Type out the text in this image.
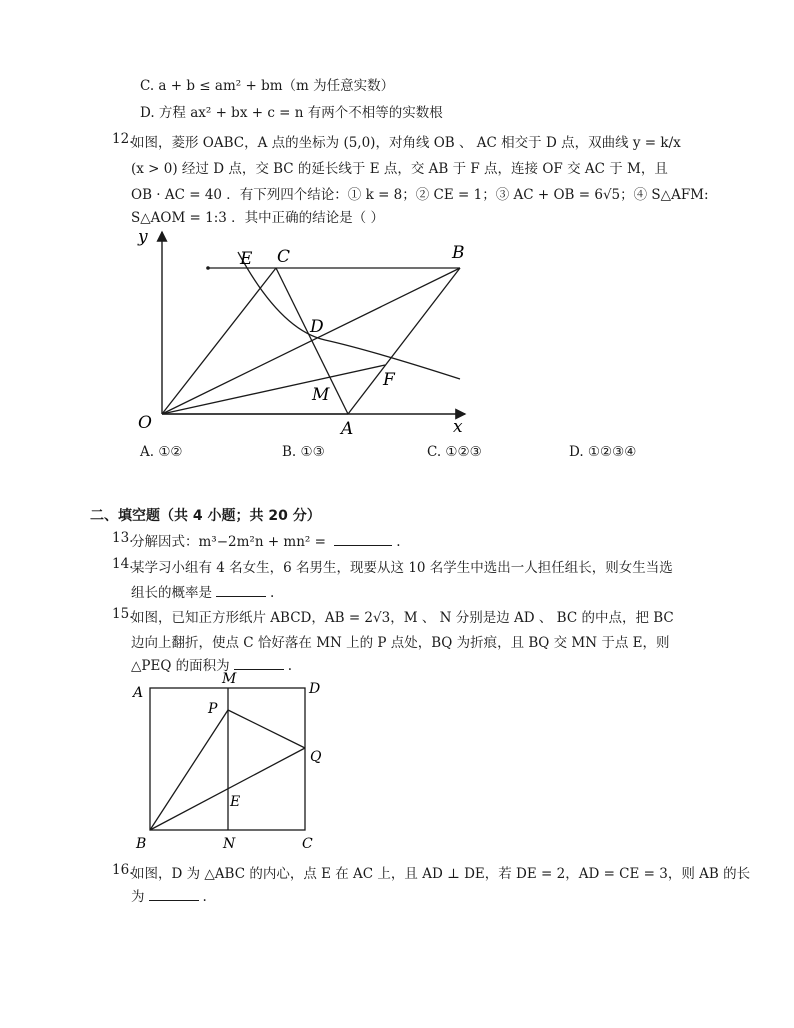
C. a + b ≤ am² + bm（m 为任意实数）
D. 方程 ax² + bx + c = n 有两个不相等的实数根
12.
如图，菱形 OABC，A 点的坐标为 (5,0)，对角线 OB 、 AC 相交于 D 点，双曲线 y = k/x
(x > 0) 经过 D 点，交 BC 的延长线于 E 点，交 AB 于 F 点，连接 OF 交 AC 于 M，且
OB · AC = 40 ．有下列四个结论：① k = 8；② CE = 1；③ AC + OB = 6√5；④ S△AFM:
S△AOM = 1:3 ．其中正确的结论是（ ）
y
x
O	A
B
C
E
D
F
M
A. ①②	B. ①③	C. ①②③	D. ①②③④
二、填空题（共 4 小题；共 20 分）
13.
分解因式：m³−2m²n + mn² =	.
14.
某学习小组有 4 名女生，6 名男生，现要从这 10 名学生中选出一人担任组长，则女生当选
组长的概率是	.
15.
如图，已知正方形纸片 ABCD，AB = 2√3，M 、 N 分别是边 AD 、 BC 的中点，把 BC
边向上翻折，使点 C 恰好落在 MN 上的 P 点处，BQ 为折痕，且 BQ 交 MN 于点 E，则
△PEQ 的面积为	.
A
M
D
P
Q
E
B	N	C
16.
如图，D 为 △ABC 的内心，点 E 在 AC 上，且 AD ⊥ DE，若 DE = 2，AD = CE = 3，则 AB 的长
为	.
